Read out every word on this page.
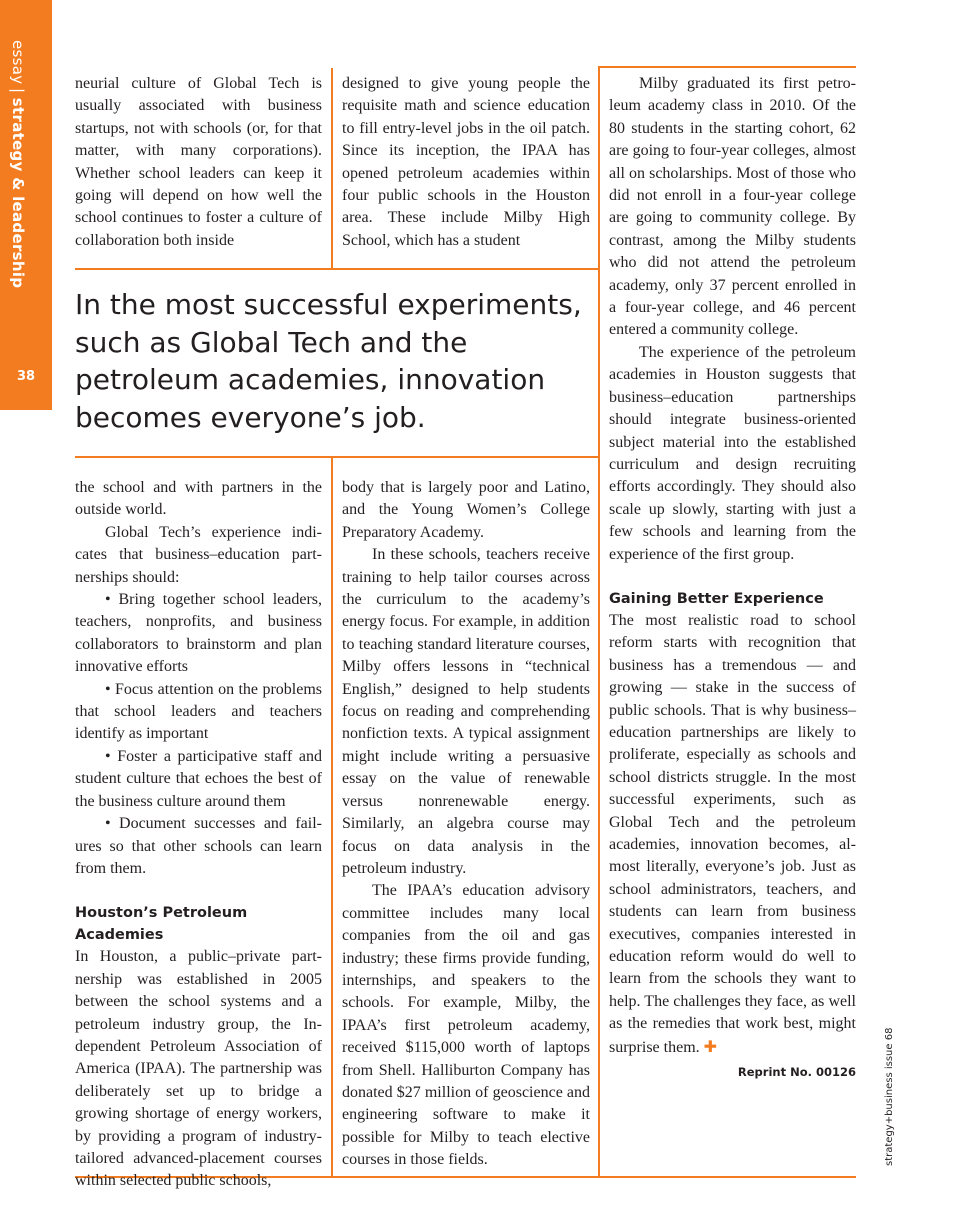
essay|strategy & leadership
38

neurial culture of Global Tech is usually associated with business startups, not with schools (or, for that matter, with many corporations). Whether school leaders can keep it going will depend on how well the school continues to foster a culture of collaboration both inside

designed to give young people the requisite math and science education to fill entry-level jobs in the oil patch. Since its inception, the IPAA has opened petroleum academies within four public schools in the Houston area. These include Milby High School, which has a student

In the most successful experiments, such as Global Tech and the petroleum academies, innovation becomes everyone’s job.

the school and with partners in the outside world.

Global Tech’s experience indicates that business–education partnerships should:

• Bring together school leaders, teachers, nonprofits, and business collaborators to brainstorm and plan innovative efforts

• Focus attention on the problems that school leaders and teachers identify as important

• Foster a participative staff and student culture that echoes the best of the business culture around them

• Document successes and failures so that other schools can learn from them.

Houston’s Petroleum Academies

In Houston, a public–private partnership was established in 2005 between the school systems and a petroleum industry group, the Independent Petroleum Association of America (IPAA). The partnership was deliberately set up to bridge a growing shortage of energy workers, by providing a program of industry-tailored advanced-placement courses within selected public schools,

body that is largely poor and Latino, and the Young Women’s College Preparatory Academy.

In these schools, teachers receive training to help tailor courses across the curriculum to the academy’s energy focus. For example, in addition to teaching standard literature courses, Milby offers lessons in “technical English,” designed to help students focus on reading and comprehending nonfiction texts. A typical assignment might include writing a persuasive essay on the value of renewable versus nonrenewable energy. Similarly, an algebra course may focus on data analysis in the petroleum industry.

The IPAA’s education advisory committee includes many local companies from the oil and gas industry; these firms provide funding, internships, and speakers to the schools. For example, Milby, the IPAA’s first petroleum academy, received $115,000 worth of laptops from Shell. Halliburton Company has donated $27 million of geoscience and engineering software to make it possible for Milby to teach elective courses in those fields.

Milby graduated its first petroleum academy class in 2010. Of the 80 students in the starting cohort, 62 are going to four-year colleges, almost all on scholarships. Most of those who did not enroll in a four-year college are going to community college. By contrast, among the Milby students who did not attend the petroleum academy, only 37 percent enrolled in a four-year college, and 46 percent entered a community college.

The experience of the petroleum academies in Houston suggests that business–education partnerships should integrate business-oriented subject material into the established curriculum and design recruiting efforts accordingly. They should also scale up slowly, starting with just a few schools and learning from the experience of the first group.

Gaining Better Experience

The most realistic road to school reform starts with recognition that business has a tremendous — and growing — stake in the success of public schools. That is why business–education partnerships are likely to proliferate, especially as schools and school districts struggle. In the most successful experiments, such as Global Tech and the petroleum academies, innovation becomes, almost literally, everyone’s job. Just as school administrators, teachers, and students can learn from business executives, companies interested in education reform would do well to learn from the schools they want to help. The challenges they face, as well as the remedies that work best, might surprise them. ✚

Reprint No. 00126	strategy+business issue 68
